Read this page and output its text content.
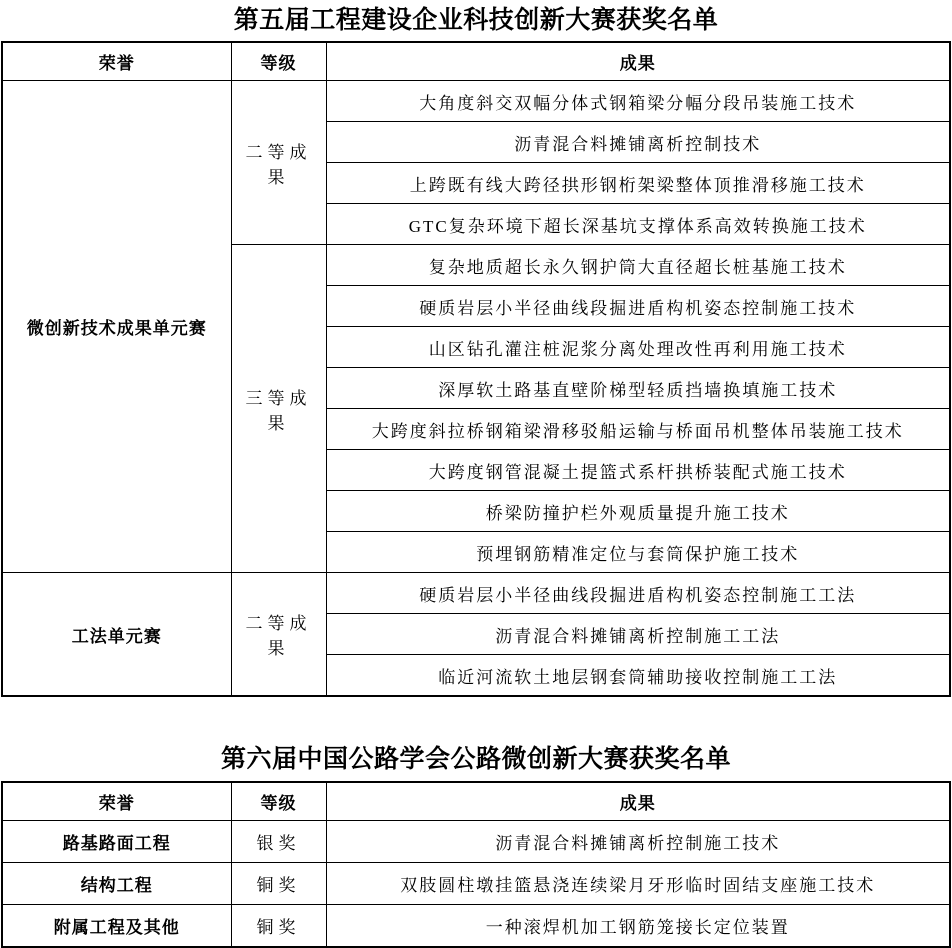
第五届工程建设企业科技创新大赛获奖名单
荣誉	等级	成果
微创新技术成果单元赛	二等成果	大角度斜交双幅分体式钢箱梁分幅分段吊装施工技术
		沥青混合料摊铺离析控制技术
		上跨既有线大跨径拱形钢桁架梁整体顶推滑移施工技术
		GTC复杂环境下超长深基坑支撑体系高效转换施工技术
	三等成果	复杂地质超长永久钢护筒大直径超长桩基施工技术
		硬质岩层小半径曲线段掘进盾构机姿态控制施工技术
		山区钻孔灌注桩泥浆分离处理改性再利用施工技术
		深厚软土路基直壁阶梯型轻质挡墙换填施工技术
		大跨度斜拉桥钢箱梁滑移驳船运输与桥面吊机整体吊装施工技术
		大跨度钢管混凝土提篮式系杆拱桥装配式施工技术
		桥梁防撞护栏外观质量提升施工技术
		预埋钢筋精准定位与套筒保护施工技术
工法单元赛	二等成果	硬质岩层小半径曲线段掘进盾构机姿态控制施工工法
		沥青混合料摊铺离析控制施工工法
		临近河流软土地层钢套筒辅助接收控制施工工法
第六届中国公路学会公路微创新大赛获奖名单
荣誉	等级	成果
路基路面工程	银奖	沥青混合料摊铺离析控制施工技术
结构工程	铜奖	双肢圆柱墩挂篮悬浇连续梁月牙形临时固结支座施工技术
附属工程及其他	铜奖	一种滚焊机加工钢筋笼接长定位装置
